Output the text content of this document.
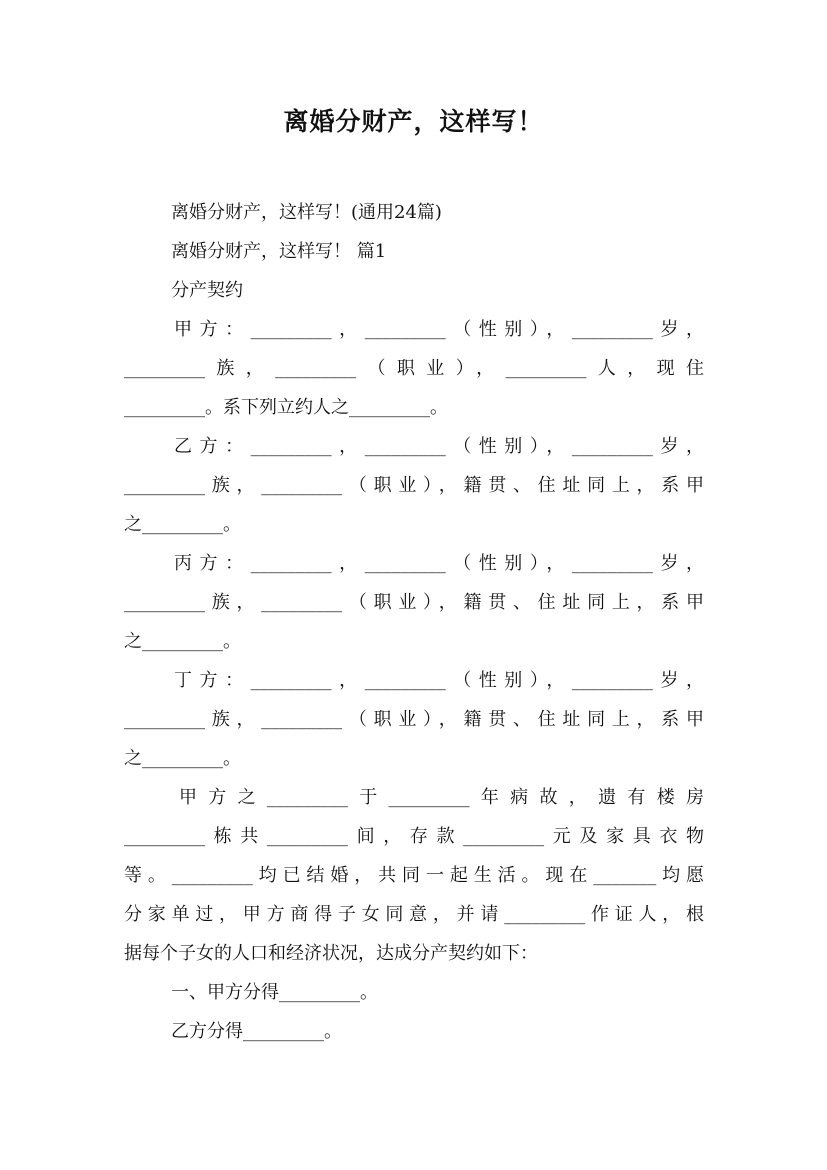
离婚分财产，这样写！
离婚分财产，这样写！(通用24篇)
离婚分财产，这样写！ 篇1
分产契约
甲方：_________，_________（性别），_________岁，
_________族，_________（职业），_________人，现住
_________。系下列立约人之_________。
乙方：_________，_________（性别），_________岁，
_________族，_________（职业），籍贯、住址同上，系甲
之_________。
丙方：_________，_________（性别），_________岁，
_________族，_________（职业），籍贯、住址同上，系甲
之_________。
丁方：_________，_________（性别），_________岁，
_________族，_________（职业），籍贯、住址同上，系甲
之_________。
甲方之_________于_________年病故，遗有楼房
_________栋共_________间，存款_________元及家具衣物
等。_________均已结婚，共同一起生活。现在_______均愿
分家单过，甲方商得子女同意，并请_________作证人，根
据每个子女的人口和经济状况，达成分产契约如下：
一、甲方分得_________。
乙方分得_________。
